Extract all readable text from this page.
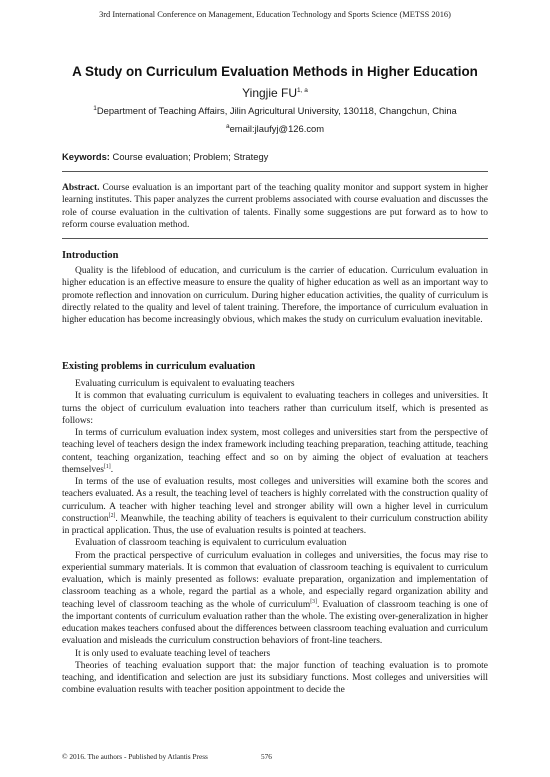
3rd International Conference on Management, Education Technology and Sports Science (METSS 2016)
A Study on Curriculum Evaluation Methods in Higher Education
Yingjie FU$^{1, a}$
$^1$Department of Teaching Affairs, Jilin Agricultural University, 130118, Changchun, China
$^a$email:jlaufyj@126.com
Keywords: Course evaluation; Problem; Strategy

Abstract. Course evaluation is an important part of the teaching quality monitor and support system in higher learning institutes. This paper analyzes the current problems associated with course evaluation and discusses the role of course evaluation in the cultivation of talents. Finally some suggestions are put forward as to how to reform course evaluation method.

Introduction

Quality is the lifeblood of education, and curriculum is the carrier of education. Curriculum evaluation in higher education is an effective measure to ensure the quality of higher education as well as an important way to promote reflection and innovation on curriculum. During higher education activities, the quality of curriculum is directly related to the quality and level of talent training. Therefore, the importance of curriculum evaluation in higher education has become increasingly obvious, which makes the study on curriculum evaluation inevitable.

Existing problems in curriculum evaluation

Evaluating curriculum is equivalent to evaluating teachers

It is common that evaluating curriculum is equivalent to evaluating teachers in colleges and universities. It turns the object of curriculum evaluation into teachers rather than curriculum itself, which is presented as follows:

In terms of curriculum evaluation index system, most colleges and universities start from the perspective of teaching level of teachers design the index framework including teaching preparation, teaching attitude, teaching content, teaching organization, teaching effect and so on by aiming the object of evaluation at teachers themselves[1].

In terms of the use of evaluation results, most colleges and universities will examine both the scores and teachers evaluated. As a result, the teaching level of teachers is highly correlated with the construction quality of curriculum. A teacher with higher teaching level and stronger ability will own a higher level in curriculum construction[2]. Meanwhile, the teaching ability of teachers is equivalent to their curriculum construction ability in practical application. Thus, the use of evaluation results is pointed at teachers.

Evaluation of classroom teaching is equivalent to curriculum evaluation

From the practical perspective of curriculum evaluation in colleges and universities, the focus may rise to experiential summary materials. It is common that evaluation of classroom teaching is equivalent to curriculum evaluation, which is mainly presented as follows: evaluate preparation, organization and implementation of classroom teaching as a whole, regard the partial as a whole, and especially regard organization ability and teaching level of classroom teaching as the whole of curriculum[3]. Evaluation of classroom teaching is one of the important contents of curriculum evaluation rather than the whole. The existing over-generalization in higher education makes teachers confused about the differences between classroom teaching evaluation and curriculum evaluation and misleads the curriculum construction behaviors of front-line teachers.

It is only used to evaluate teaching level of teachers

Theories of teaching evaluation support that: the major function of teaching evaluation is to promote teaching, and identification and selection are just its subsidiary functions. Most colleges and universities will combine evaluation results with teacher position appointment to decide the

© 2016. The authors - Published by Atlantis Press	576
